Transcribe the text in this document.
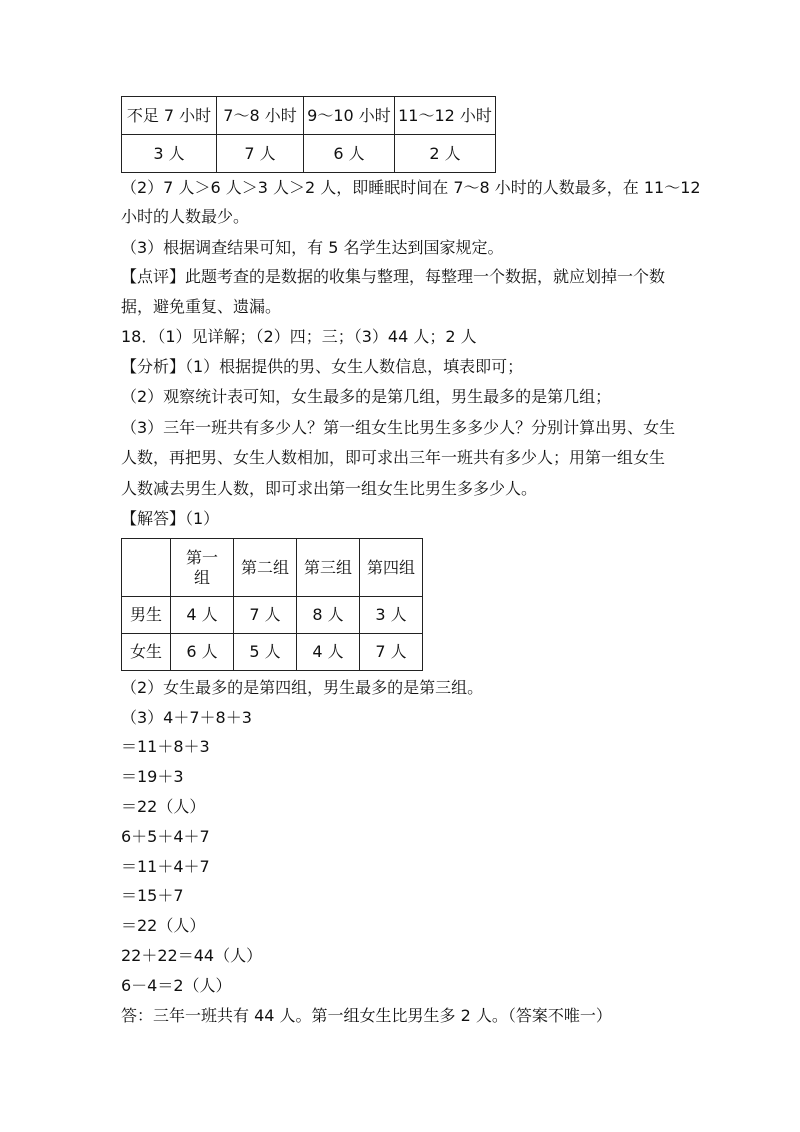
不足 7 小时	7～8 小时	9～10 小时	11～12 小时
3 人	7 人	6 人	2 人
（2）7 人＞6 人＞3 人＞2 人，即睡眠时间在 7～8 小时的人数最多，在 11～12
小时的人数最少。
（3）根据调查结果可知，有 5 名学生达到国家规定。
【点评】此题考查的是数据的收集与整理，每整理一个数据，就应划掉一个数
据，避免重复、遗漏。
18．（1）见详解；（2）四；三；（3）44 人；2 人
【分析】（1）根据提供的男、女生人数信息，填表即可；
（2）观察统计表可知，女生最多的是第几组，男生最多的是第几组；
（3）三年一班共有多少人？第一组女生比男生多多少人？分别计算出男、女生
人数，再把男、女生人数相加，即可求出三年一班共有多少人；用第一组女生
人数减去男生人数，即可求出第一组女生比男生多多少人。
【解答】（1）

	第一
组	第二组	第三组	第四组
男生	4 人	7 人	8 人	3 人
女生	6 人	5 人	4 人	7 人
（2）女生最多的是第四组，男生最多的是第三组。
（3）4＋7＋8＋3
＝11＋8＋3
＝19＋3
＝22（人）
6＋5＋4＋7
＝11＋4＋7
＝15＋7
＝22（人）
22＋22＝44（人）
6－4＝2（人）
答：三年一班共有 44 人。第一组女生比男生多 2 人。（答案不唯一）
